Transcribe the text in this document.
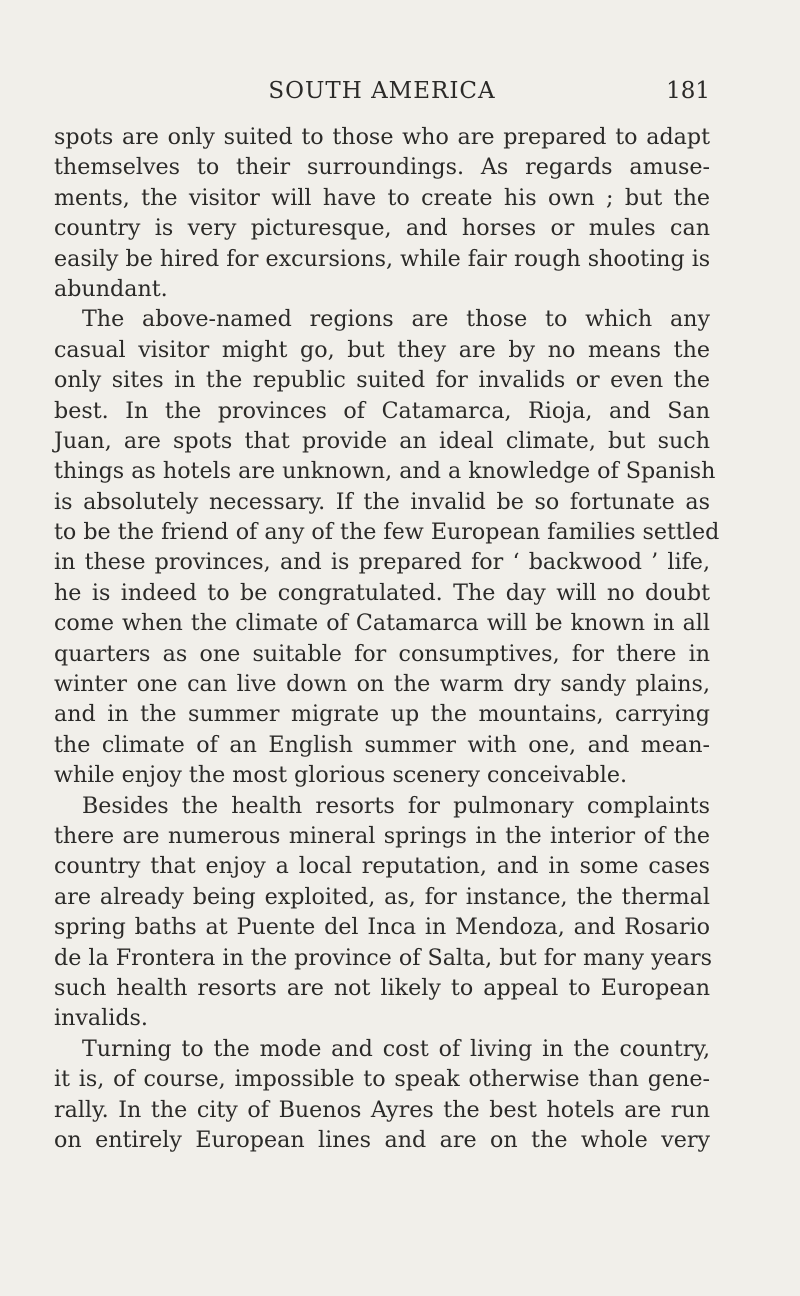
SOUTH AMERICA	181
spots are only suited to those who are prepared to adapt
themselves to their surroundings. As regards amuse-
ments, the visitor will have to create his own ; but the
country is very picturesque, and horses or mules can
easily be hired for excursions, while fair rough shooting is
abundant.
The above-named regions are those to which any
casual visitor might go, but they are by no means the
only sites in the republic suited for invalids or even the
best. In the provinces of Catamarca, Rioja, and San
Juan, are spots that provide an ideal climate, but such
things as hotels are unknown, and a knowledge of Spanish
is absolutely necessary. If the invalid be so fortunate as
to be the friend of any of the few European families settled
in these provinces, and is prepared for ‘ backwood ’ life,
he is indeed to be congratulated. The day will no doubt
come when the climate of Catamarca will be known in all
quarters as one suitable for consumptives, for there in
winter one can live down on the warm dry sandy plains,
and in the summer migrate up the mountains, carrying
the climate of an English summer with one, and mean-
while enjoy the most glorious scenery conceivable.
Besides the health resorts for pulmonary complaints
there are numerous mineral springs in the interior of the
country that enjoy a local reputation, and in some cases
are already being exploited, as, for instance, the thermal
spring baths at Puente del Inca in Mendoza, and Rosario
de la Frontera in the province of Salta, but for many years
such health resorts are not likely to appeal to European
invalids.
Turning to the mode and cost of living in the country,
it is, of course, impossible to speak otherwise than gene-
rally. In the city of Buenos Ayres the best hotels are run
on entirely European lines and are on the whole very
